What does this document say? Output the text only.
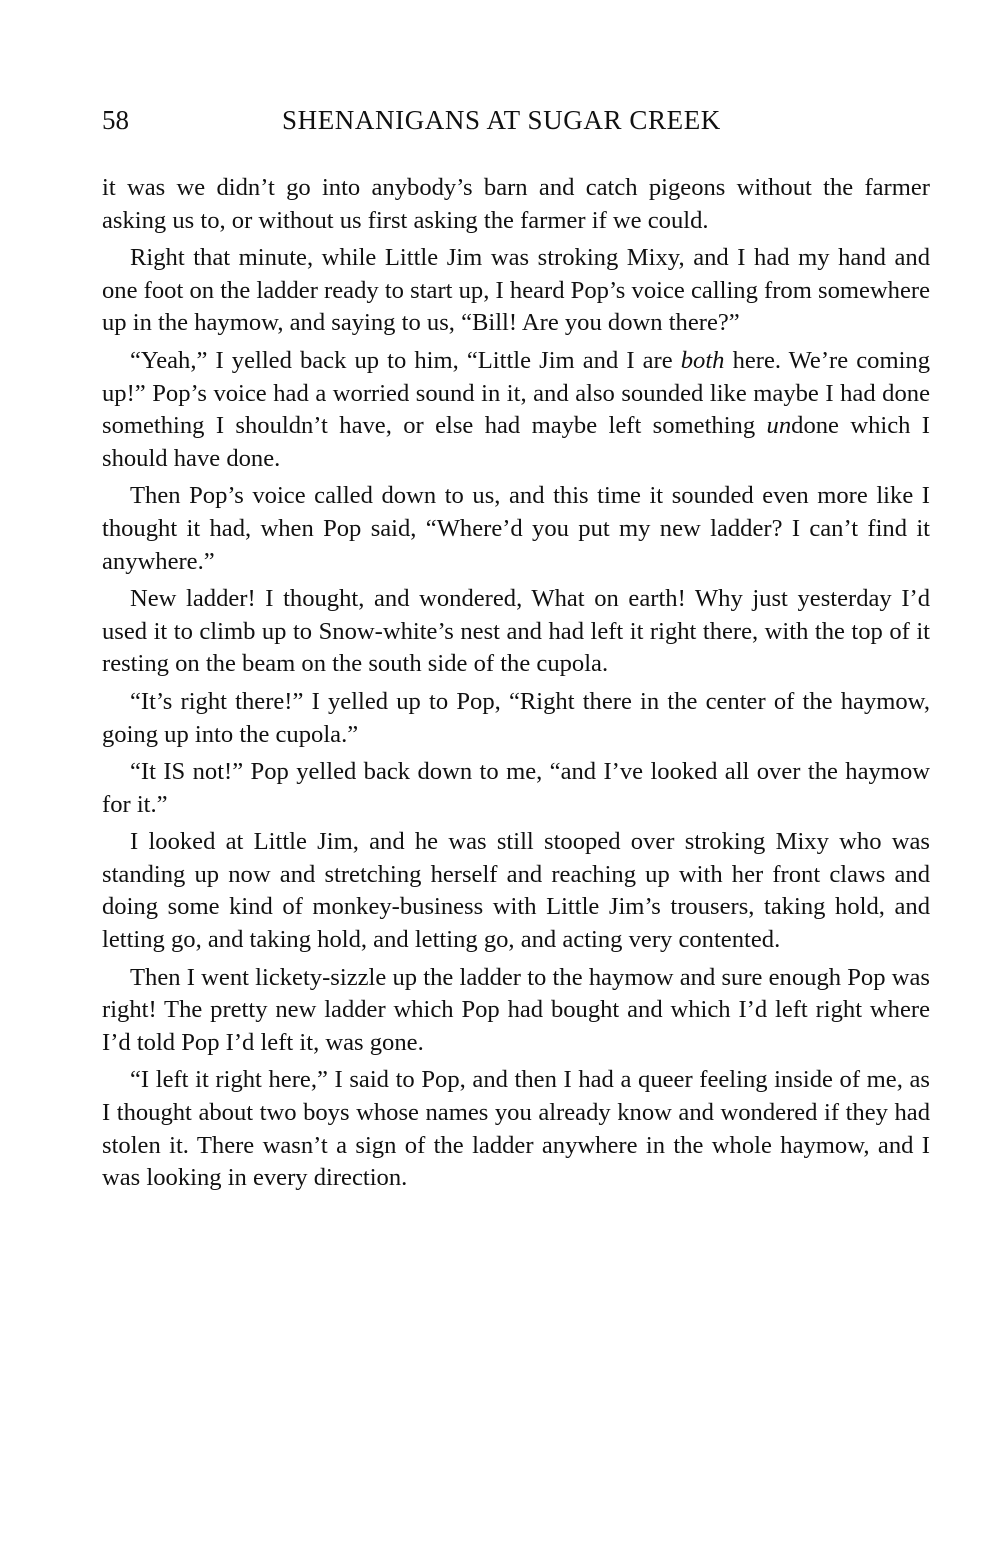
58	SHENANIGANS AT SUGAR CREEK

it was we didn’t go into anybody’s barn and catch pigeons without the farmer asking us to, or without us first asking the farmer if we could.

Right that minute, while Little Jim was stroking Mixy, and I had my hand and one foot on the ladder ready to start up, I heard Pop’s voice calling from somewhere up in the haymow, and saying to us, “Bill! Are you down there?”

“Yeah,” I yelled back up to him, “Little Jim and I are both here. We’re coming up!” Pop’s voice had a worried sound in it, and also sounded like maybe I had done something I shouldn’t have, or else had maybe left something undone which I should have done.

Then Pop’s voice called down to us, and this time it sounded even more like I thought it had, when Pop said, “Where’d you put my new ladder? I can’t find it anywhere.”

New ladder! I thought, and wondered, What on earth! Why just yesterday I’d used it to climb up to Snow-white’s nest and had left it right there, with the top of it resting on the beam on the south side of the cupola.

“It’s right there!” I yelled up to Pop, “Right there in the center of the haymow, going up into the cupola.”

“It IS not!” Pop yelled back down to me, “and I’ve looked all over the haymow for it.”

I looked at Little Jim, and he was still stooped over stroking Mixy who was standing up now and stretching herself and reaching up with her front claws and doing some kind of monkey-business with Little Jim’s trousers, taking hold, and letting go, and taking hold, and letting go, and acting very contented.

Then I went lickety-sizzle up the ladder to the haymow and sure enough Pop was right! The pretty new ladder which Pop had bought and which I’d left right where I’d told Pop I’d left it, was gone.

“I left it right here,” I said to Pop, and then I had a queer feeling inside of me, as I thought about two boys whose names you already know and wondered if they had stolen it. There wasn’t a sign of the ladder anywhere in the whole haymow, and I was looking in every direction.
